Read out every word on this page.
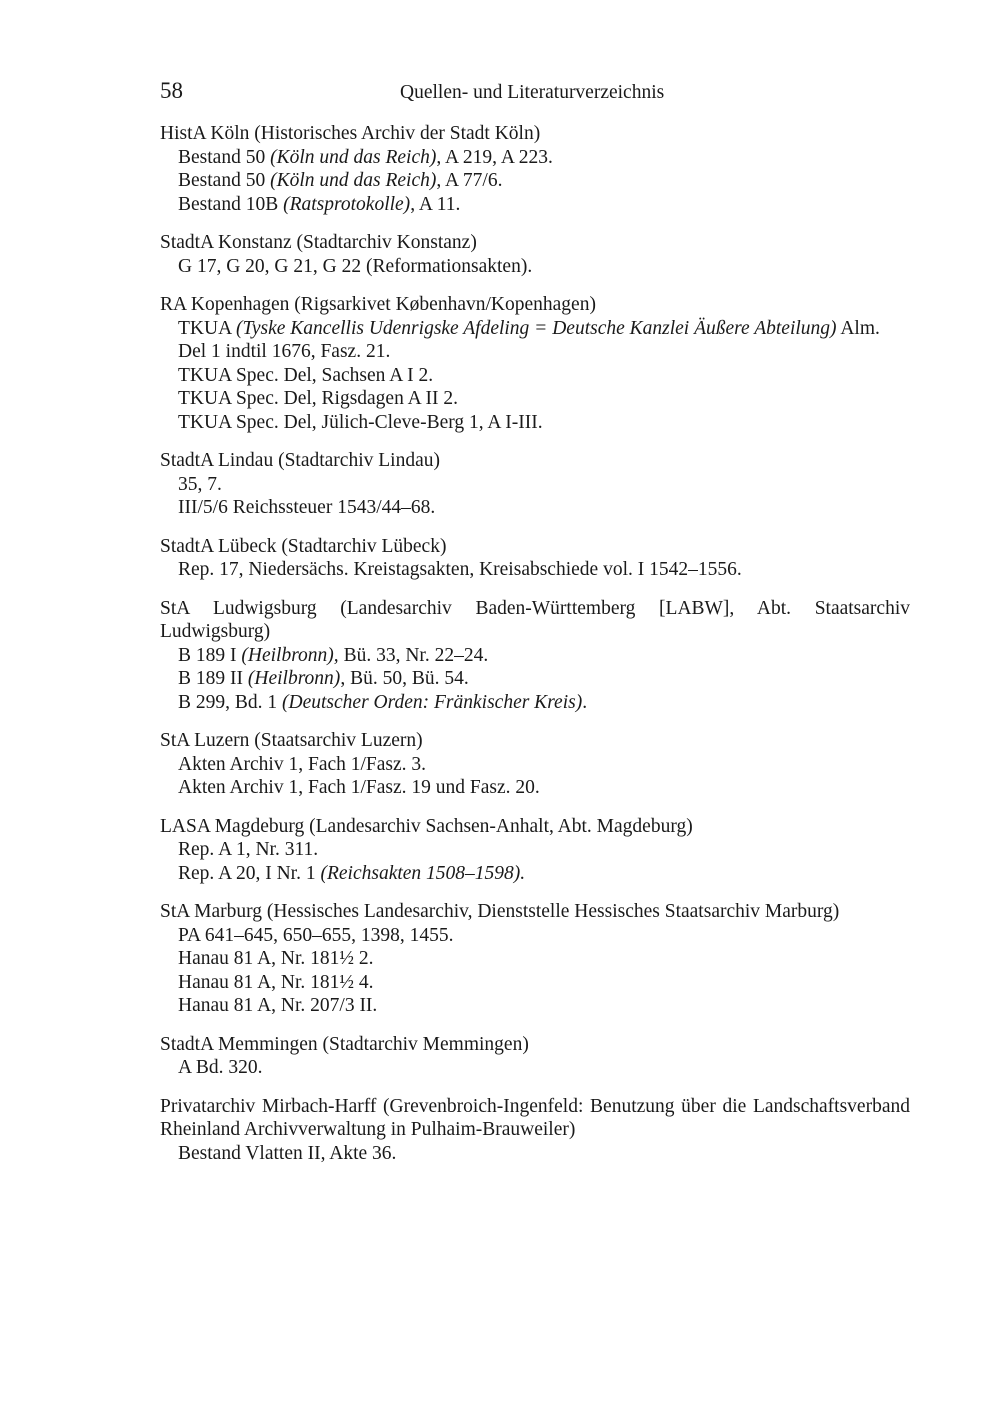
58	Quellen- und Literaturverzeichnis
HistA Köln (Historisches Archiv der Stadt Köln)
Bestand 50 (Köln und das Reich), A 219, A 223.
Bestand 50 (Köln und das Reich), A 77/6.
Bestand 10B (Ratsprotokolle), A 11.
StadtA Konstanz (Stadtarchiv Konstanz)
G 17, G 20, G 21, G 22 (Reformationsakten).
RA Kopenhagen (Rigsarkivet København/Kopenhagen)
TKUA (Tyske Kancellis Udenrigske Afdeling = Deutsche Kanzlei Äußere Abteilung) Alm.
Del 1 indtil 1676, Fasz. 21.
TKUA Spec. Del, Sachsen A I 2.
TKUA Spec. Del, Rigsdagen A II 2.
TKUA Spec. Del, Jülich-Cleve-Berg 1, A I-III.
StadtA Lindau (Stadtarchiv Lindau)
35, 7.
III/5/6 Reichssteuer 1543/44–68.
StadtA Lübeck (Stadtarchiv Lübeck)
Rep. 17, Niedersächs. Kreistagsakten, Kreisabschiede vol. I 1542–1556.
StA Ludwigsburg (Landesarchiv Baden-Württemberg [LABW], Abt. Staatsarchiv Ludwigsburg)
B 189 I (Heilbronn), Bü. 33, Nr. 22–24.
B 189 II (Heilbronn), Bü. 50, Bü. 54.
B 299, Bd. 1 (Deutscher Orden: Fränkischer Kreis).
StA Luzern (Staatsarchiv Luzern)
Akten Archiv 1, Fach 1/Fasz. 3.
Akten Archiv 1, Fach 1/Fasz. 19 und Fasz. 20.
LASA Magdeburg (Landesarchiv Sachsen-Anhalt, Abt. Magdeburg)
Rep. A 1, Nr. 311.
Rep. A 20, I Nr. 1 (Reichsakten 1508–1598).
StA Marburg (Hessisches Landesarchiv, Dienststelle Hessisches Staatsarchiv Marburg)
PA 641–645, 650–655, 1398, 1455.
Hanau 81 A, Nr. 181½ 2.
Hanau 81 A, Nr. 181½ 4.
Hanau 81 A, Nr. 207/3 II.
StadtA Memmingen (Stadtarchiv Memmingen)
A Bd. 320.
Privatarchiv Mirbach-Harff (Grevenbroich-Ingenfeld: Benutzung über die Landschaftsverband Rheinland Archivverwaltung in Pulhaim-Brauweiler)
Bestand Vlatten II, Akte 36.
